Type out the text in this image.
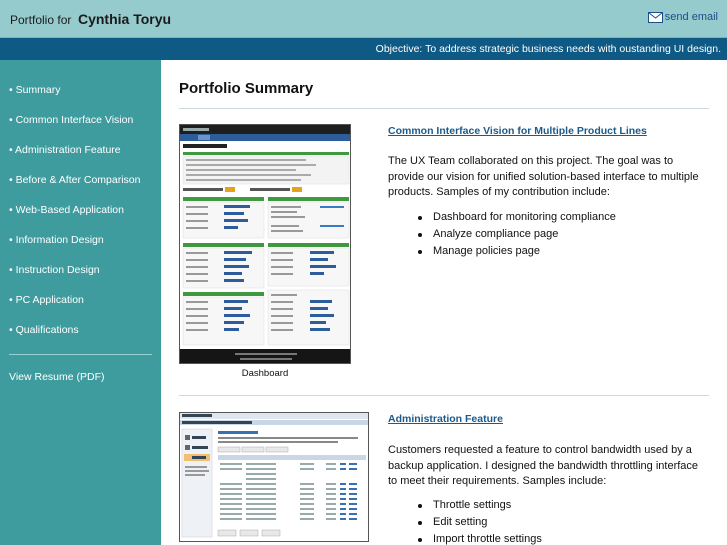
Portfolio for Cynthia Toryu	send email
Objective: To address strategic business needs with oustanding UI design.
• Summary
• Common Interface Vision
• Administration Feature
• Before & After Comparison
• Web-Based Application
• Information Design
• Instruction Design
• PC Application
• Qualifications
View Resume (PDF)
Portfolio Summary
Dashboard
Common Interface Vision for Multiple Product Lines
The UX Team collaborated on this project. The goal was to provide our vision for unified solution-based interface to multiple products. Samples of my contribution include:
Dashboard for monitoring compliance
Analyze compliance page
Manage policies page
Administration Feature
Customers requested a feature to control bandwidth used by a backup application. I designed the bandwidth throttling interface to meet their requirements. Samples include:
Throttle settings
Edit setting
Import throttle settings
